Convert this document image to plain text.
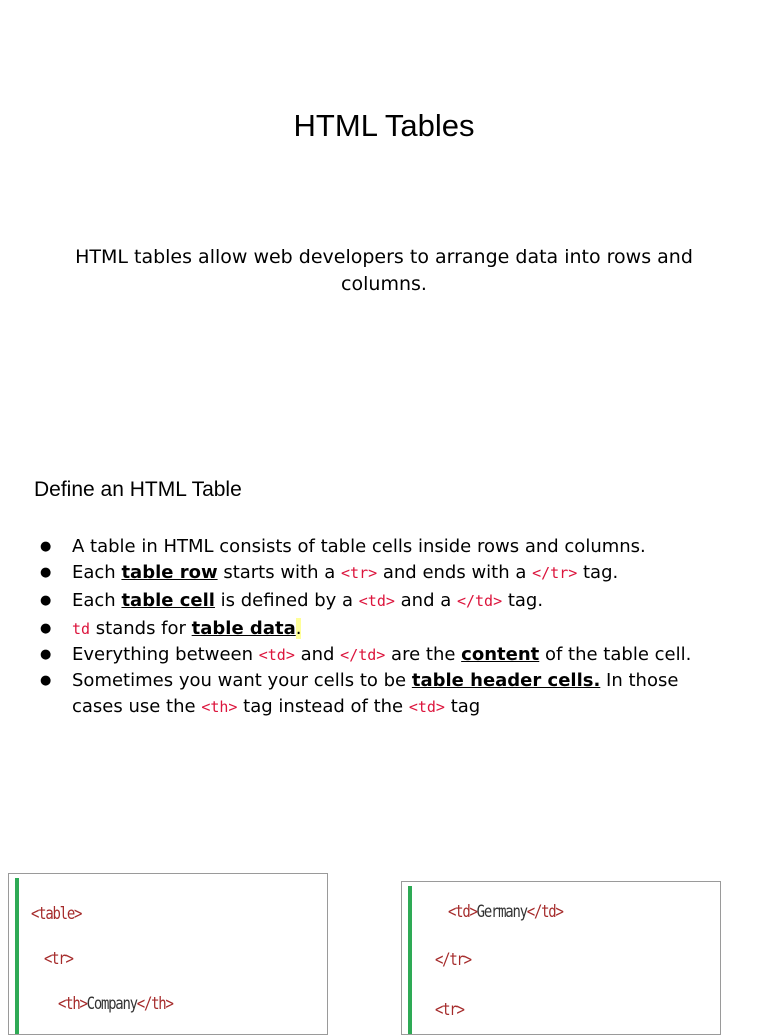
HTML Tables

HTML tables allow web developers to arrange data into rows and columns.

Define an HTML Table
● A table in HTML consists of table cells inside rows and columns.
● Each table row starts with a <tr> and ends with a </tr> tag.
● Each table cell is defined by a <td> and a </td> tag.
● td stands for table data.
● Everything between <td> and </td> are the content of the table cell.
● Sometimes you want your cells to be table header cells. In those cases use the <th> tag instead of the <td> tag
<table>
<tr>
<th>Company</th>
<td>Germany</td>
</tr>
<tr>
